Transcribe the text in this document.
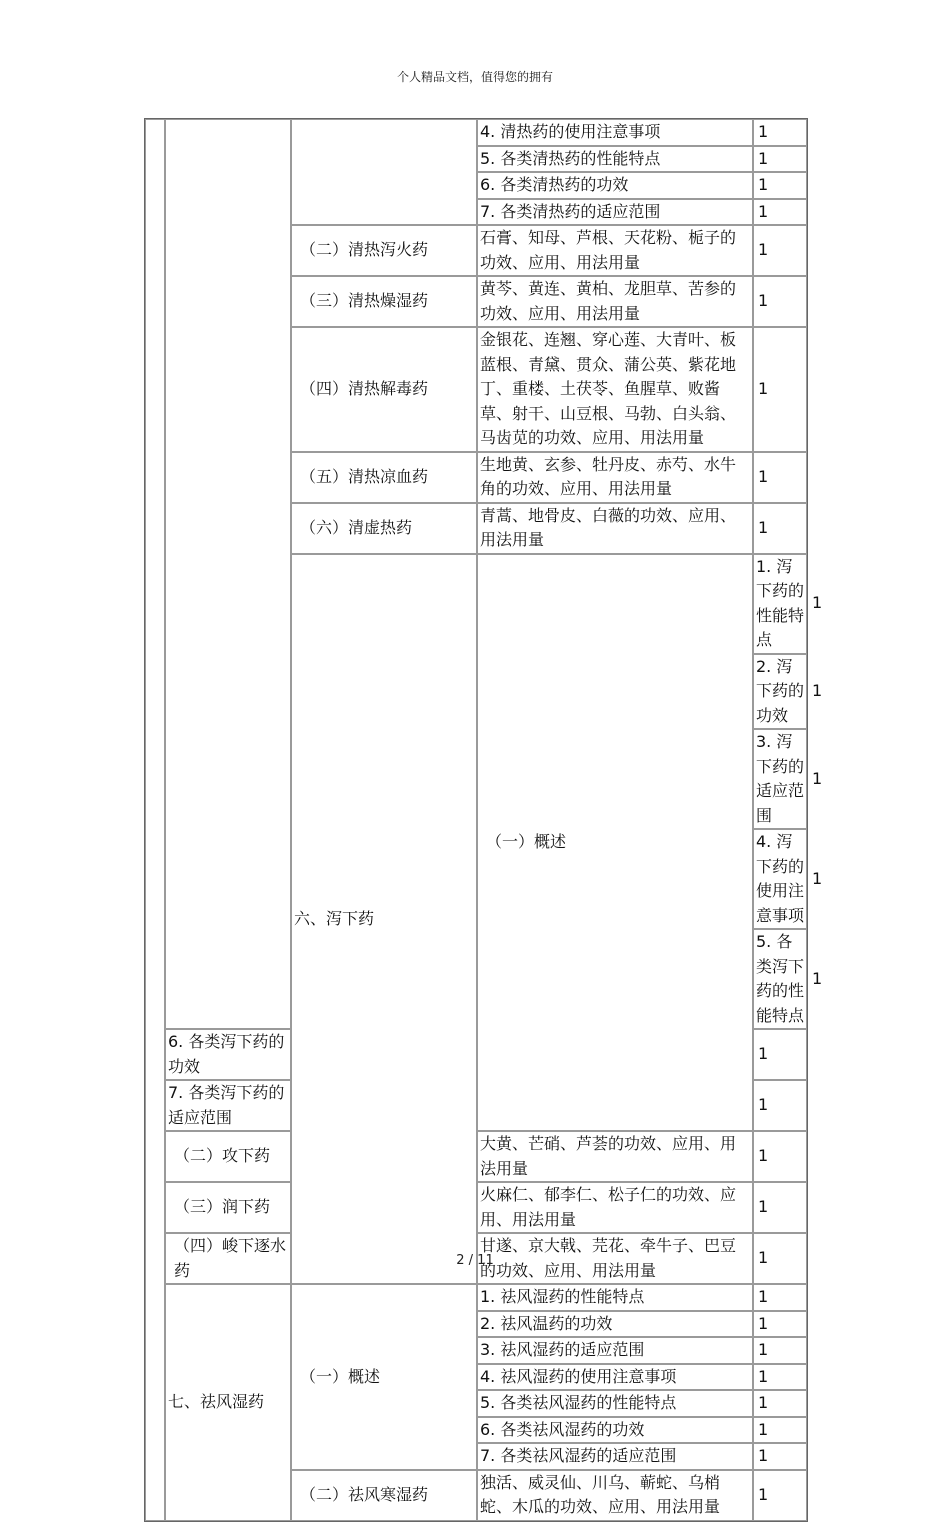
个人精品文档，值得您的拥有
			4. 清热药的使用注意事项	1	
			5. 各类清热药的性能特点	1	
			6. 各类清热药的功效	1	
			7. 各类清热药的适应范围	1	
		（二）清热泻火药	石膏、知母、芦根、天花粉、栀子的功效、应用、用法用量	1	
		（三）清热燥湿药	黄芩、黄连、黄柏、龙胆草、苦参的功效、应用、用法用量	1	
		（四）清热解毒药	金银花、连翘、穿心莲、大青叶、板蓝根、青黛、贯众、蒲公英、紫花地丁、重楼、土茯苓、鱼腥草、败酱草、射干、山豆根、马勃、白头翁、马齿苋的功效、应用、用法用量	1	
		（五）清热凉血药	生地黄、玄参、牡丹皮、赤芍、水牛角的功效、应用、用法用量	1	
		（六）清虚热药	青蒿、地骨皮、白薇的功效、应用、用法用量	1	
		六、泻下药	（一）概述	1. 泻下药的性能特点	1
				2. 泻下药的功效	1
				3. 泻下药的适应范围	1
				4. 泻下药的使用注意事项	1
				5. 各类泻下药的性能特点	1
	6. 各类泻下药的功效			1	
	7. 各类泻下药的适应范围			1	
	（二）攻下药		大黄、芒硝、芦荟的功效、应用、用法用量	1	
	（三）润下药		火麻仁、郁李仁、松子仁的功效、应用、用法用量	1	
	（四）峻下逐水药		甘遂、京大戟、芫花、牵牛子、巴豆的功效、应用、用法用量	1	
	七、祛风湿药	（一）概述	1. 祛风湿药的性能特点	1	
			2. 祛风温药的功效	1	
			3. 祛风湿药的适应范围	1	
			4. 祛风湿药的使用注意事项	1	
			5. 各类祛风湿药的性能特点	1	
			6. 各类祛风湿药的功效	1	
			7. 各类祛风湿药的适应范围	1	
		（二）祛风寒湿药	独活、威灵仙、川乌、蕲蛇、乌梢蛇、木瓜的功效、应用、用法用量	1	
2 / 11
